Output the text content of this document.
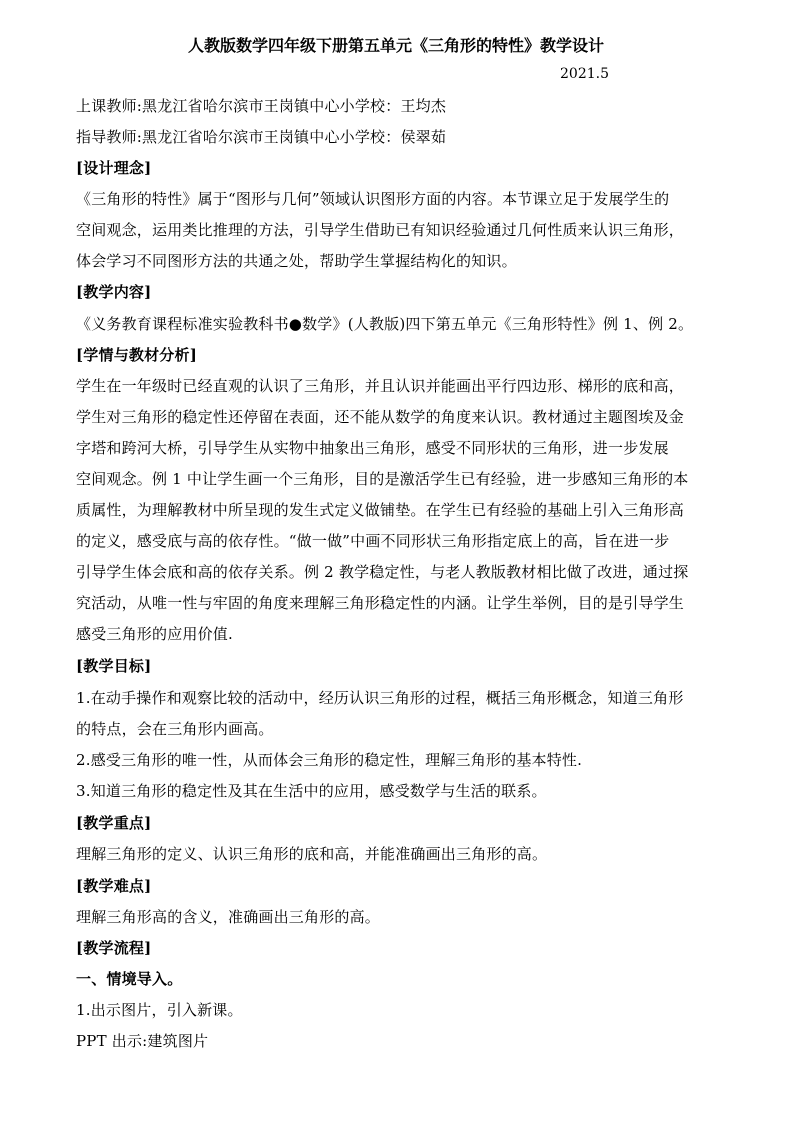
人教版数学四年级下册第五单元《三角形的特性》教学设计
2021.5
上课教师:黑龙江省哈尔滨市王岗镇中心小学校：王均杰
指导教师:黑龙江省哈尔滨市王岗镇中心小学校：侯翠茹
[设计理念]
《三角形的特性》属于“图形与几何”领域认识图形方面的内容。本节课立足于发展学生的
空间观念，运用类比推理的方法，引导学生借助已有知识经验通过几何性质来认识三角形，
体会学习不同图形方法的共通之处，帮助学生掌握结构化的知识。
[教学内容]
《义务教育课程标准实验教科书●数学》(人教版)四下第五单元《三角形特性》例 1、例 2。
[学情与教材分析]
学生在一年级时已经直观的认识了三角形，并且认识并能画出平行四边形、梯形的底和高，
学生对三角形的稳定性还停留在表面，还不能从数学的角度来认识。教材通过主题图埃及金
字塔和跨河大桥，引导学生从实物中抽象出三角形，感受不同形状的三角形，进一步发展
空间观念。例 1 中让学生画一个三角形，目的是激活学生已有经验，进一步感知三角形的本
质属性，为理解教材中所呈现的发生式定义做铺垫。在学生已有经验的基础上引入三角形高
的定义，感受底与高的依存性。“做一做”中画不同形状三角形指定底上的高，旨在进一步
引导学生体会底和高的依存关系。例 2 教学稳定性，与老人教版教材相比做了改进，通过探
究活动，从唯一性与牢固的角度来理解三角形稳定性的内涵。让学生举例，目的是引导学生
感受三角形的应用价值.
[教学目标]
1.在动手操作和观察比较的活动中，经历认识三角形的过程，概括三角形概念，知道三角形
的特点，会在三角形内画高。
2.感受三角形的唯一性，从而体会三角形的稳定性，理解三角形的基本特性.
3.知道三角形的稳定性及其在生活中的应用，感受数学与生活的联系。
[教学重点]
理解三角形的定义、认识三角形的底和高，并能准确画出三角形的高。
[教学难点]
理解三角形高的含义，准确画出三角形的高。
[教学流程]
一、情境导入。
1.出示图片，引入新课。
PPT 出示:建筑图片
